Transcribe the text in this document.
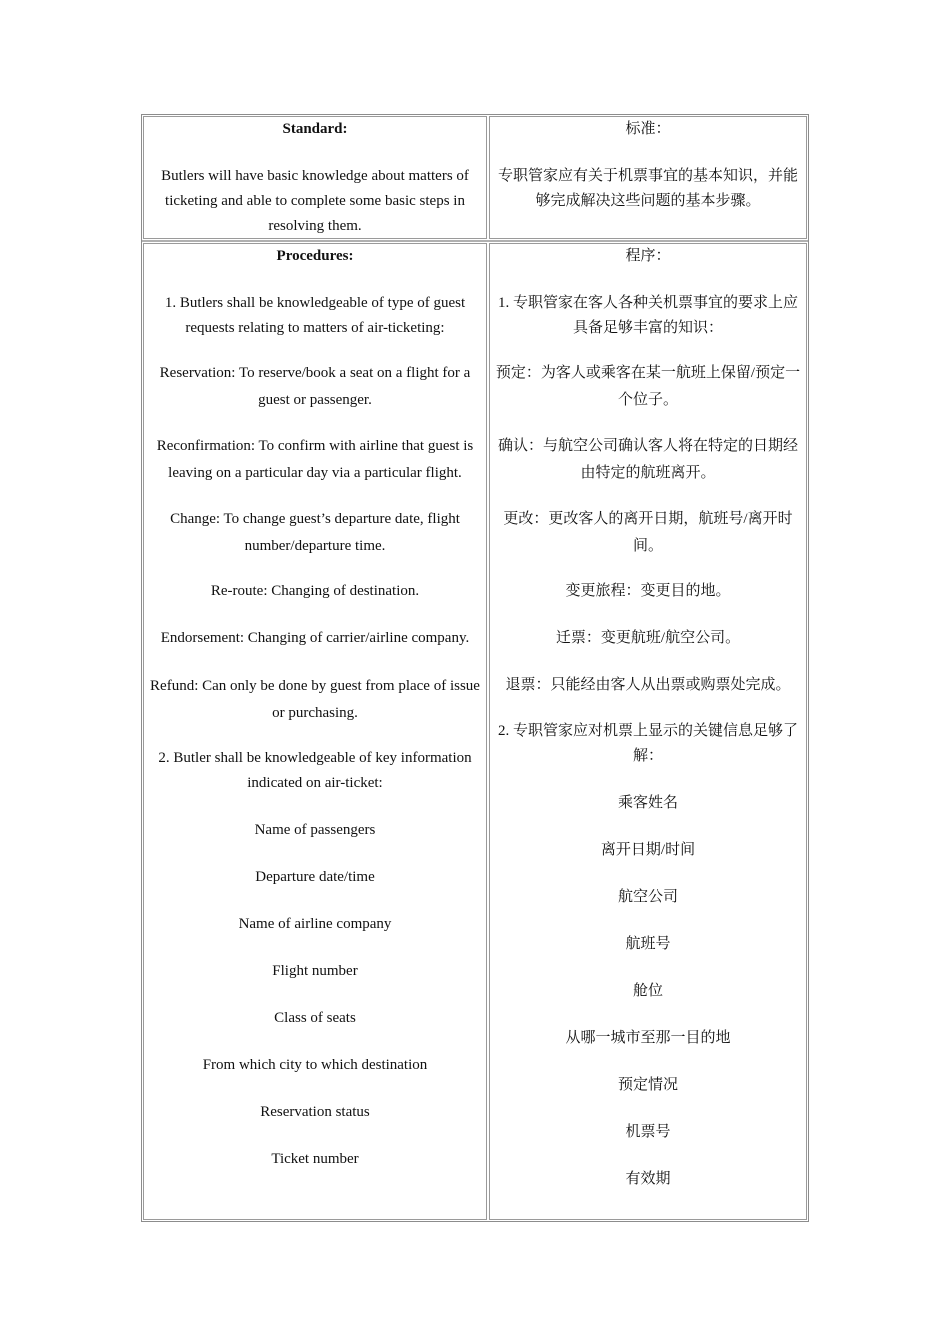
Standard:

Butlers will have basic knowledge about matters of ticketing and able to complete some basic steps in resolving them.

标准：

专职管家应有关于机票事宜的基本知识，并能够完成解决这些问题的基本步骤。

Procedures:

1. Butlers shall be knowledgeable of type of guest requests relating to matters of air-ticketing:

Reservation: To reserve/book a seat on a flight for a guest or passenger.

Reconfirmation: To confirm with airline that guest is leaving on a particular day via a particular flight.

Change: To change guest’s departure date, flight number/departure time.

Re-route: Changing of destination.

Endorsement: Changing of carrier/airline company.

Refund: Can only be done by guest from place of issue or purchasing.

2. Butler shall be knowledgeable of key information indicated on air-ticket:

Name of passengers

Departure date/time

Name of airline company

Flight number

Class of seats

From which city to which destination

Reservation status

Ticket number

程序：

1. 专职管家在客人各种关机票事宜的要求上应具备足够丰富的知识：

预定：为客人或乘客在某一航班上保留/预定一个位子。

确认：与航空公司确认客人将在特定的日期经由特定的航班离开。

更改：更改客人的离开日期，航班号/离开时间。

变更旅程：变更目的地。

迁票：变更航班/航空公司。

退票：只能经由客人从出票或购票处完成。

2. 专职管家应对机票上显示的关键信息足够了解：

乘客姓名

离开日期/时间

航空公司

航班号

舱位

从哪一城市至那一目的地

预定情况

机票号

有效期
